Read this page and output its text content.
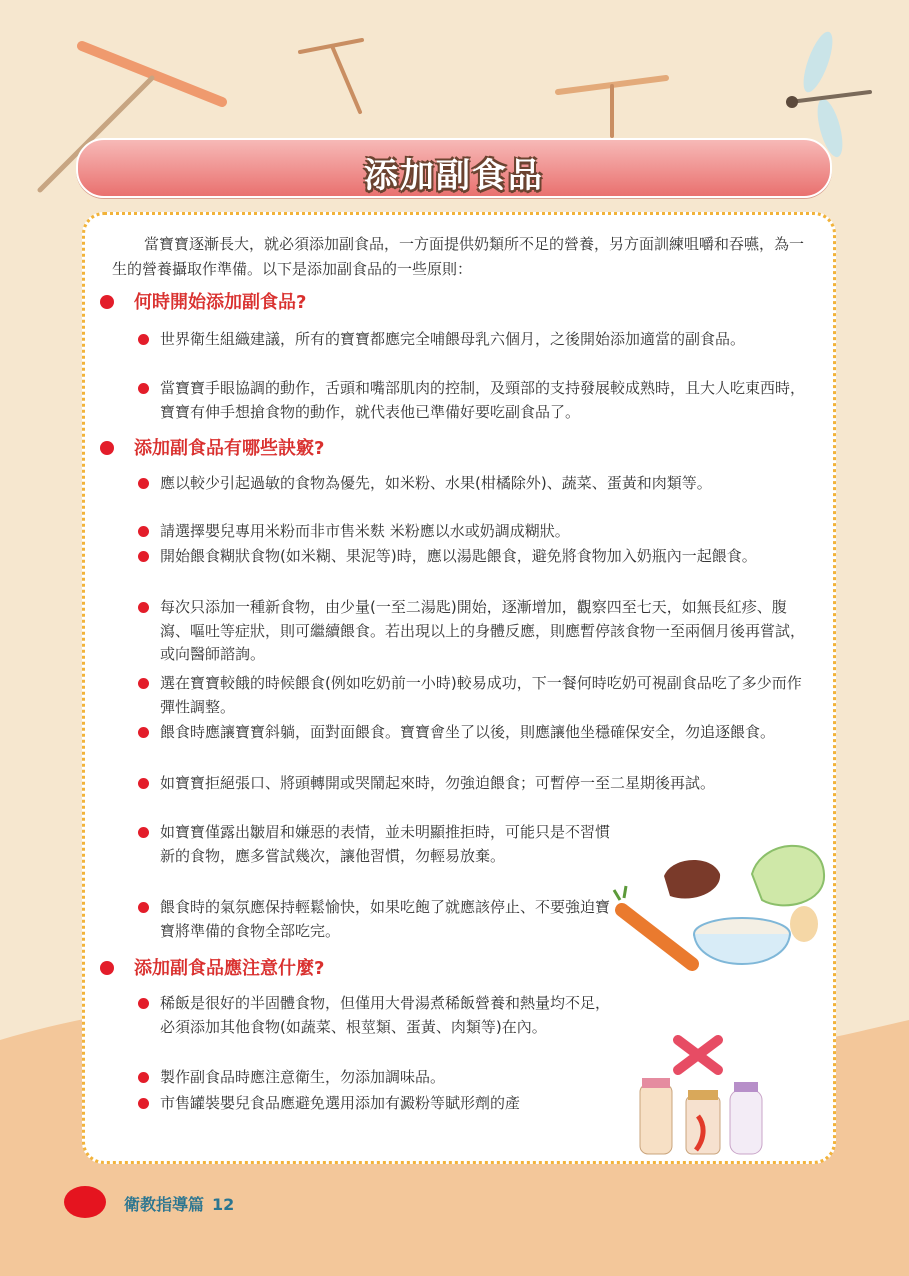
添加副食品
當寶寶逐漸長大，就必須添加副食品，一方面提供奶類所不足的營養，另方面訓練咀嚼和吞嚥，為一生的營養攝取作準備。以下是添加副食品的一些原則：
何時開始添加副食品?
世界衛生組織建議，所有的寶寶都應完全哺餵母乳六個月，之後開始添加適當的副食品。
當寶寶手眼協調的動作，舌頭和嘴部肌肉的控制，及頸部的支持發展較成熟時，且大人吃東西時，寶寶有伸手想搶食物的動作，就代表他已準備好要吃副食品了。
添加副食品有哪些訣竅?
應以較少引起過敏的食物為優先，如米粉、水果(柑橘除外)、蔬菜、蛋黃和肉類等。
請選擇嬰兒專用米粉而非市售米麩 米粉應以水或奶調成糊狀。
開始餵食糊狀食物(如米糊、果泥等)時，應以湯匙餵食，避免將食物加入奶瓶內一起餵食。
每次只添加一種新食物，由少量(一至二湯匙)開始，逐漸增加，觀察四至七天，如無長紅疹、腹瀉、嘔吐等症狀，則可繼續餵食。若出現以上的身體反應，則應暫停該食物一至兩個月後再嘗試，或向醫師諮詢。
選在寶寶較餓的時候餵食(例如吃奶前一小時)較易成功，下一餐何時吃奶可視副食品吃了多少而作彈性調整。
餵食時應讓寶寶斜躺，面對面餵食。寶寶會坐了以後，則應讓他坐穩確保安全，勿追逐餵食。
如寶寶拒絕張口、將頭轉開或哭鬧起來時，勿強迫餵食；可暫停一至二星期後再試。
如寶寶僅露出皺眉和嫌惡的表情，並未明顯推拒時，可能只是不習慣新的食物，應多嘗試幾次，讓他習慣，勿輕易放棄。
餵食時的氣氛應保持輕鬆愉快，如果吃飽了就應該停止、不要強迫寶寶將準備的食物全部吃完。
添加副食品應注意什麼?
稀飯是很好的半固體食物，但僅用大骨湯煮稀飯營養和熱量均不足，必須添加其他食物(如蔬菜、根莖類、蛋黃、肉類等)在內。
製作副食品時應注意衛生，勿添加調味品。
市售罐裝嬰兒食品應避免選用添加有澱粉等賦形劑的產
衛教指導篇 12
